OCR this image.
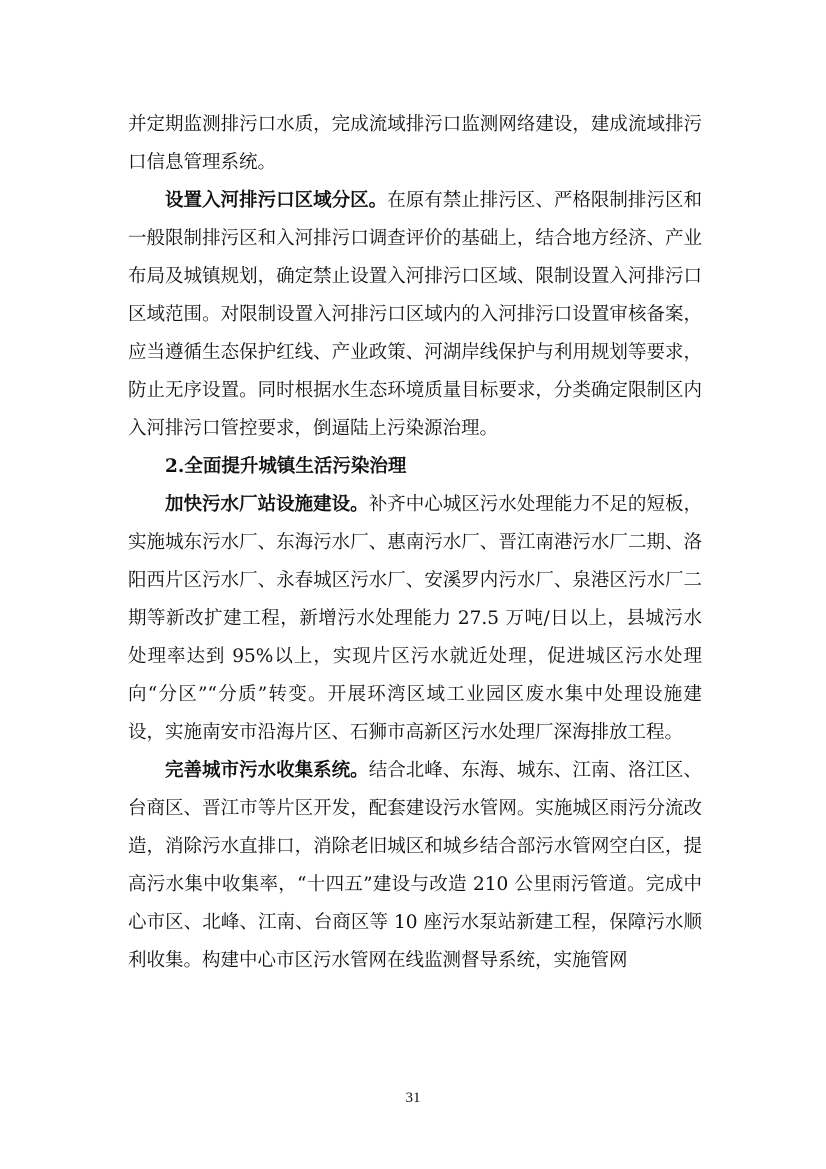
并定期监测排污口水质，完成流域排污口监测网络建设，建成流域排污口信息管理系统。

设置入河排污口区域分区。在原有禁止排污区、严格限制排污区和一般限制排污区和入河排污口调查评价的基础上，结合地方经济、产业布局及城镇规划，确定禁止设置入河排污口区域、限制设置入河排污口区域范围。对限制设置入河排污口区域内的入河排污口设置审核备案，应当遵循生态保护红线、产业政策、河湖岸线保护与利用规划等要求，防止无序设置。同时根据水生态环境质量目标要求，分类确定限制区内入河排污口管控要求，倒逼陆上污染源治理。

2.全面提升城镇生活污染治理

加快污水厂站设施建设。补齐中心城区污水处理能力不足的短板，实施城东污水厂、东海污水厂、惠南污水厂、晋江南港污水厂二期、洛阳西片区污水厂、永春城区污水厂、安溪罗内污水厂、泉港区污水厂二期等新改扩建工程，新增污水处理能力 27.5 万吨/日以上，县城污水处理率达到 95%以上，实现片区污水就近处理，促进城区污水处理向“分区”“分质”转变。开展环湾区域工业园区废水集中处理设施建设，实施南安市沿海片区、石狮市高新区污水处理厂深海排放工程。

完善城市污水收集系统。结合北峰、东海、城东、江南、洛江区、台商区、晋江市等片区开发，配套建设污水管网。实施城区雨污分流改造，消除污水直排口，消除老旧城区和城乡结合部污水管网空白区，提高污水集中收集率，“十四五”建设与改造 210 公里雨污管道。完成中心市区、北峰、江南、台商区等 10 座污水泵站新建工程，保障污水顺利收集。构建中心市区污水管网在线监测督导系统，实施管网

31
